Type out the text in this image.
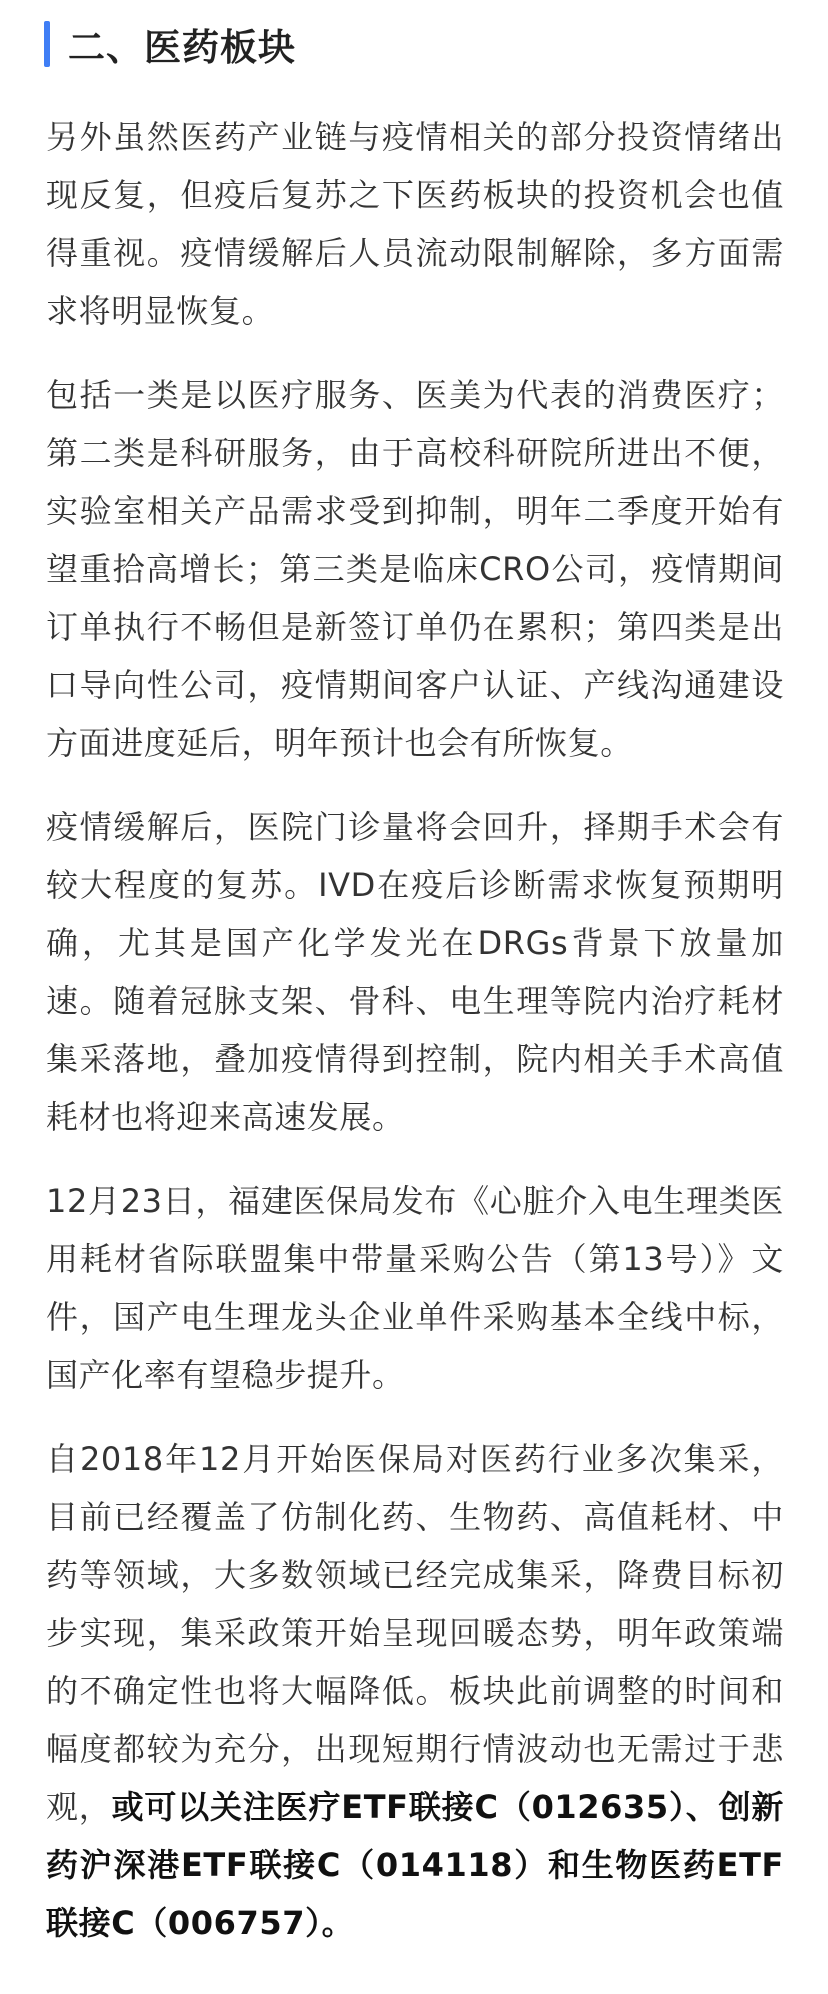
二、医药板块

另外虽然医药产业链与疫情相关的部分投资情绪出现反复，但疫后复苏之下医药板块的投资机会也值得重视。疫情缓解后人员流动限制解除，多方面需求将明显恢复。

包括一类是以医疗服务、医美为代表的消费医疗；第二类是科研服务，由于高校科研院所进出不便，实验室相关产品需求受到抑制，明年二季度开始有望重拾高增长；第三类是临床CRO公司，疫情期间订单执行不畅但是新签订单仍在累积；第四类是出口导向性公司，疫情期间客户认证、产线沟通建设方面进度延后，明年预计也会有所恢复。

疫情缓解后，医院门诊量将会回升，择期手术会有较大程度的复苏。IVD在疫后诊断需求恢复预期明确，尤其是国产化学发光在DRGs背景下放量加速。随着冠脉支架、骨科、电生理等院内治疗耗材集采落地，叠加疫情得到控制，院内相关手术高值耗材也将迎来高速发展。

12月23日，福建医保局发布《心脏介入电生理类医用耗材省际联盟集中带量采购公告（第13号）》文件，国产电生理龙头企业单件采购基本全线中标，国产化率有望稳步提升。

自2018年12月开始医保局对医药行业多次集采，目前已经覆盖了仿制化药、生物药、高值耗材、中药等领域，大多数领域已经完成集采，降费目标初步实现，集采政策开始呈现回暖态势，明年政策端的不确定性也将大幅降低。板块此前调整的时间和幅度都较为充分，出现短期行情波动也无需过于悲观，或可以关注医疗ETF联接C（012635）、创新药沪深港ETF联接C（014118）和生物医药ETF联接C（006757）。
